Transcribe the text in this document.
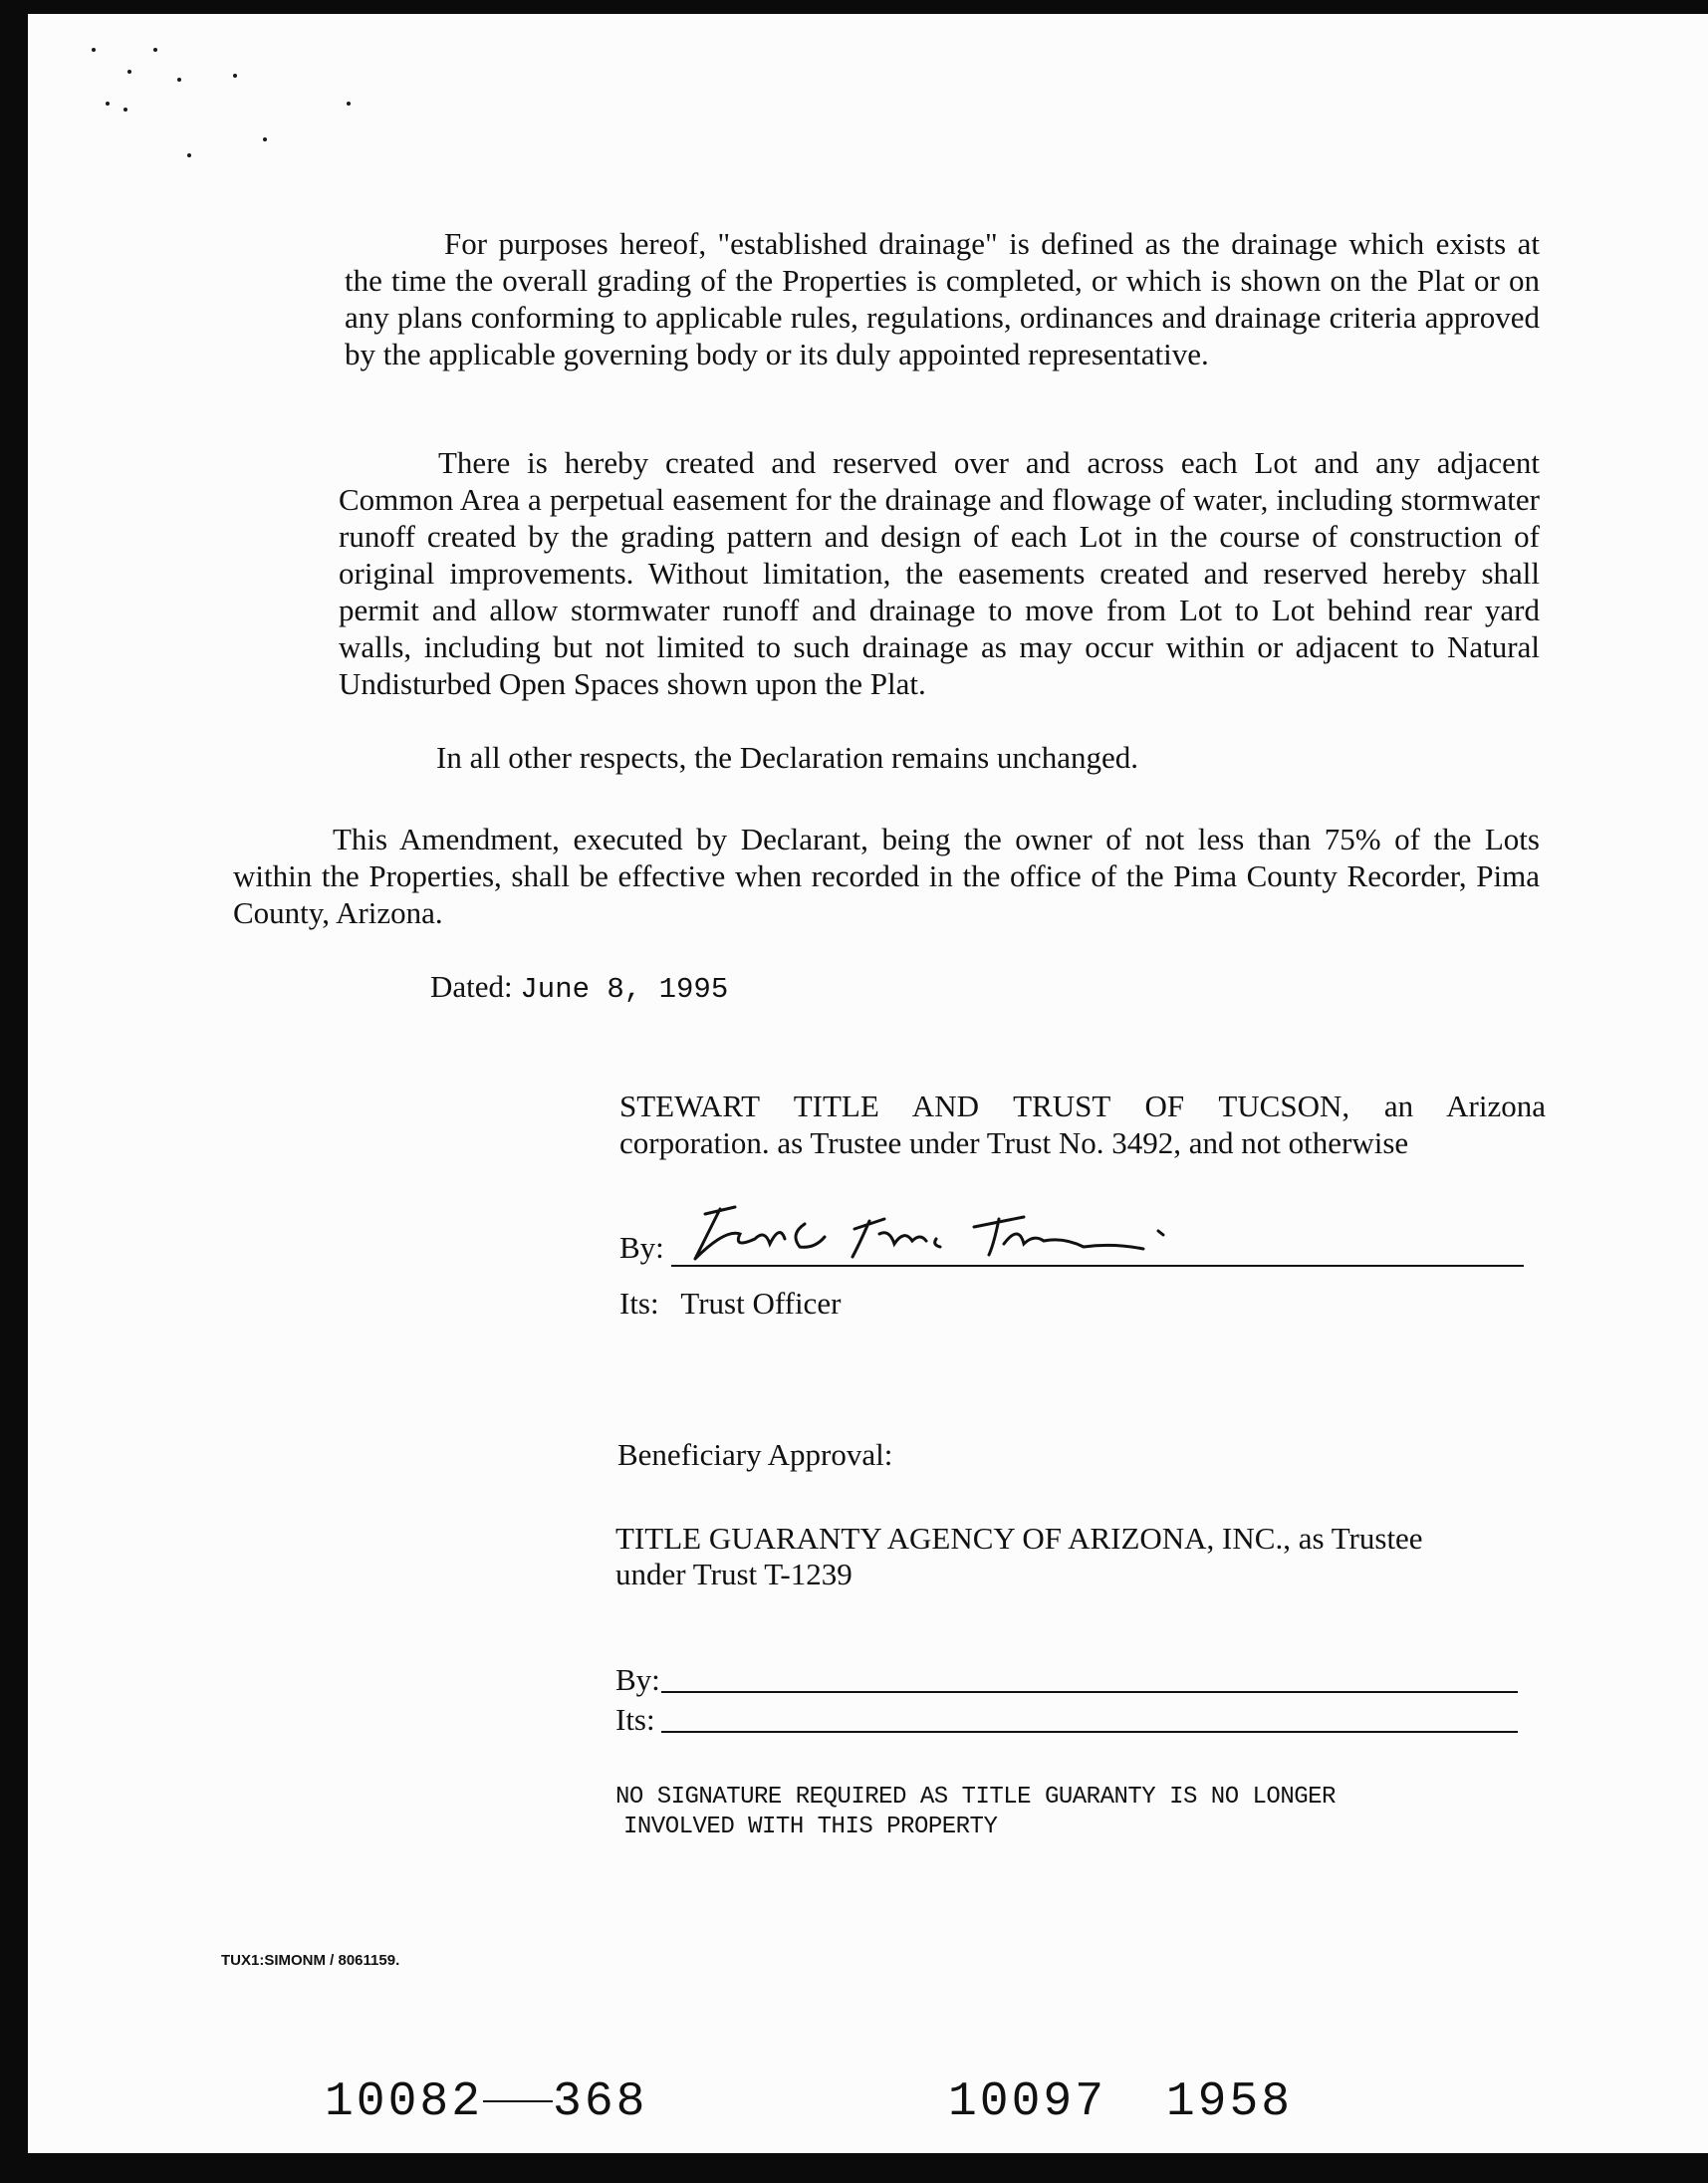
For purposes hereof, "established drainage" is defined as the drainage which exists at the time the overall grading of the Properties is completed, or which is shown on the Plat or on any plans conforming to applicable rules, regulations, ordinances and drainage criteria approved by the applicable governing body or its duly appointed representative.

There is hereby created and reserved over and across each Lot and any adjacent Common Area a perpetual easement for the drainage and flowage of water, including stormwater runoff created by the grading pattern and design of each Lot in the course of construction of original improvements. Without limitation, the easements created and reserved hereby shall permit and allow stormwater runoff and drainage to move from Lot to Lot behind rear yard walls, including but not limited to such drainage as may occur within or adjacent to Natural Undisturbed Open Spaces shown upon the Plat.

In all other respects, the Declaration remains unchanged.

This Amendment, executed by Declarant, being the owner of not less than 75% of the Lots within the Properties, shall be effective when recorded in the office of the Pima County Recorder, Pima County, Arizona.

Dated: June 8, 1995
STEWART TITLE AND TRUST OF TUCSON, an Arizona
corporation. as Trustee under Trust No. 3492, and not otherwise
By:
Its: Trust Officer
Beneficiary Approval:
TITLE GUARANTY AGENCY OF ARIZONA, INC., as Trustee
under Trust T-1239
By:
Its:
NO SIGNATURE REQUIRED AS TITLE GUARANTY IS NO LONGER
INVOLVED WITH THIS PROPERTY
TUX1:SIMONM / 8061159.
10082 368	10097 1958
